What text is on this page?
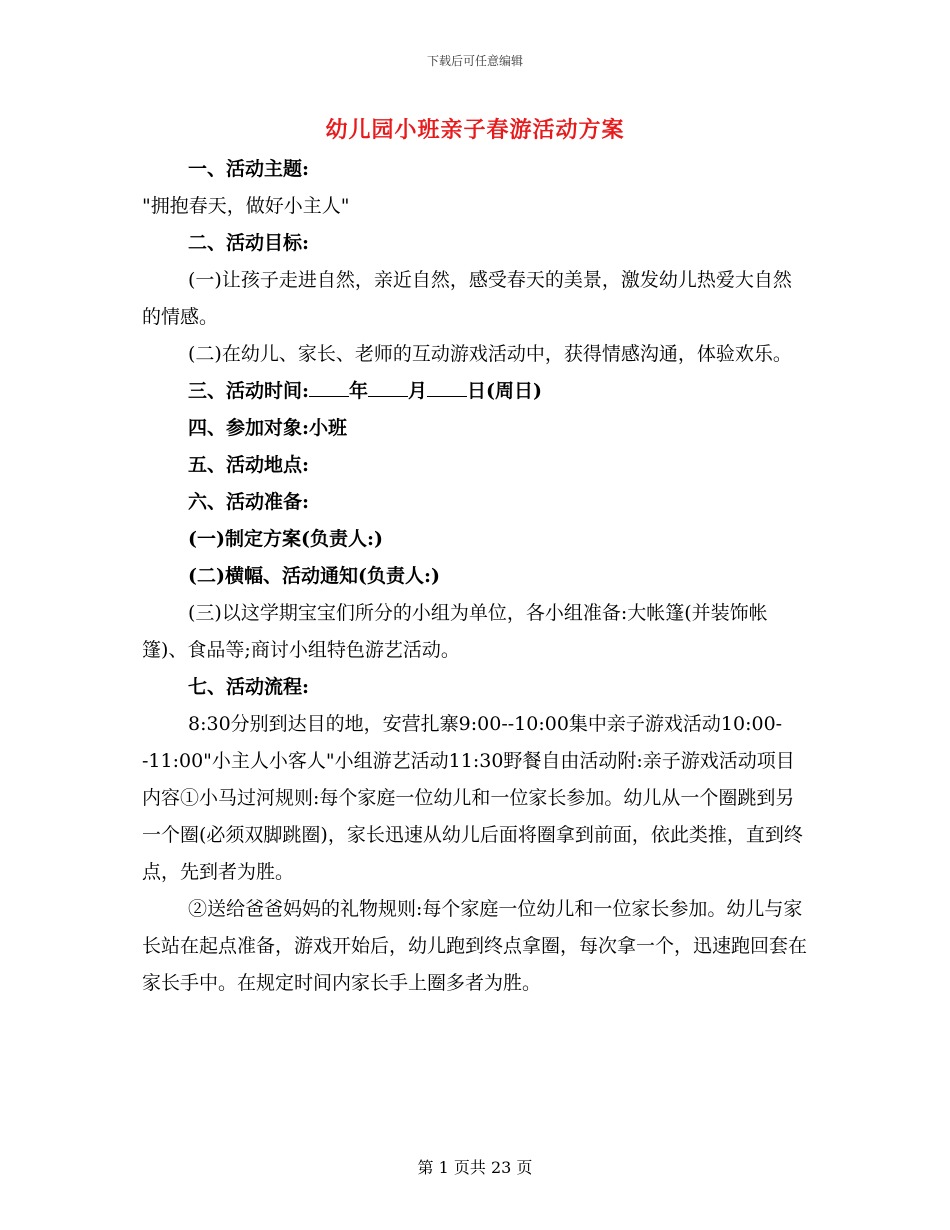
下载后可任意编辑
幼儿园小班亲子春游活动方案

一、活动主题:

"拥抱春天，做好小主人"

二、活动目标:

(一)让孩子走进自然，亲近自然，感受春天的美景，激发幼儿热爱大自然的情感。

(二)在幼儿、家长、老师的互动游戏活动中，获得情感沟通，体验欢乐。

三、活动时间: 年 月 日(周日)

四、参加对象:小班

五、活动地点:

六、活动准备:

(一)制定方案(负责人:)

(二)横幅、活动通知(负责人:)

(三)以这学期宝宝们所分的小组为单位，各小组准备:大帐篷(并装饰帐篷)、食品等;商讨小组特色游艺活动。

七、活动流程:

8:30分别到达目的地，安营扎寨9:00--10:00集中亲子游戏活动10:00--11:00"小主人小客人"小组游艺活动11:30野餐自由活动附:亲子游戏活动项目内容①小马过河规则:每个家庭一位幼儿和一位家长参加。幼儿从一个圈跳到另一个圈(必须双脚跳圈)，家长迅速从幼儿后面将圈拿到前面，依此类推，直到终点，先到者为胜。

②送给爸爸妈妈的礼物规则:每个家庭一位幼儿和一位家长参加。幼儿与家长站在起点准备，游戏开始后，幼儿跑到终点拿圈，每次拿一个，迅速跑回套在家长手中。在规定时间内家长手上圈多者为胜。

第 1 页共 23 页
